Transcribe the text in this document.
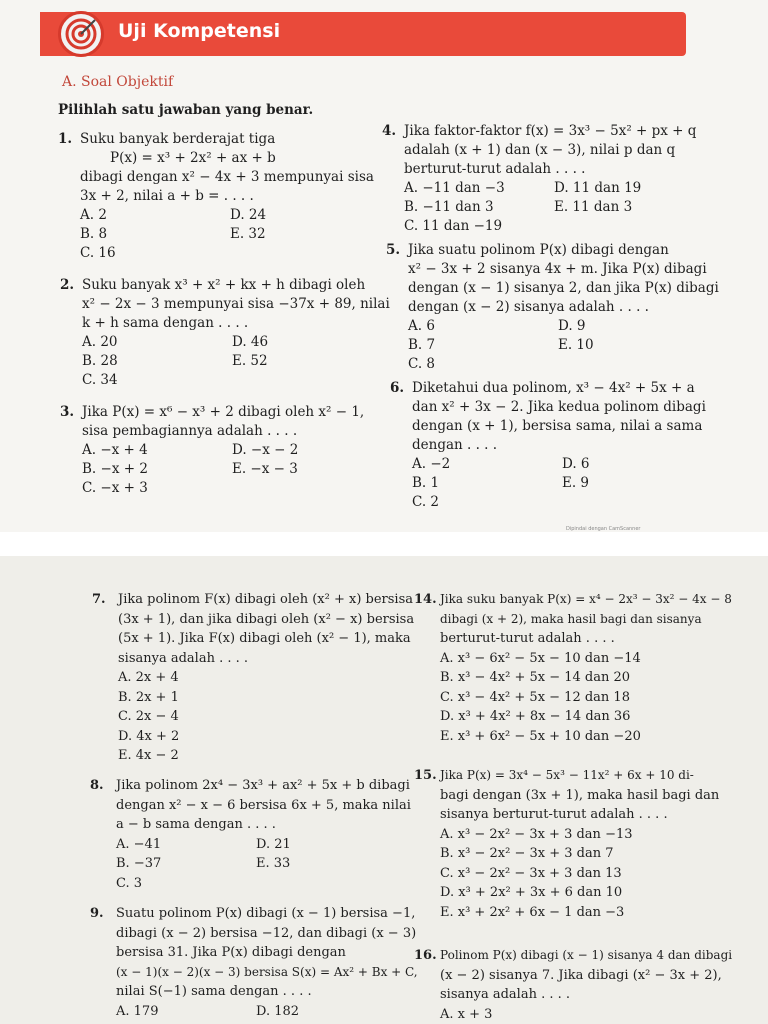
Uji Kompetensi
A. Soal Objektif
Pilihlah satu jawaban yang benar.
1. Suku banyak berderajat tiga
P(x) = x³ + 2x² + ax + b
dibagi dengan x² − 4x + 3 mempunyai sisa
3x + 2, nilai a + b = . . . .
A. 2	D. 24
B. 8	E. 32
C. 16
2. Suku banyak x³ + x² + kx + h dibagi oleh
x² − 2x − 3 mempunyai sisa −37x + 89, nilai
k + h sama dengan . . . .
A. 20	D. 46
B. 28	E. 52
C. 34
3. Jika P(x) = x⁶ − x³ + 2 dibagi oleh x² − 1,
sisa pembagiannya adalah . . . .
A. −x + 4	D. −x − 2
B. −x + 2	E. −x − 3
C. −x + 3
4. Jika faktor-faktor f(x) = 3x³ − 5x² + px + q
adalah (x + 1) dan (x − 3), nilai p dan q
berturut-turut adalah . . . .
A. −11 dan −3	D. 11 dan 19
B. −11 dan 3	E. 11 dan 3
C. 11 dan −19
5. Jika suatu polinom P(x) dibagi dengan
x² − 3x + 2 sisanya 4x + m. Jika P(x) dibagi
dengan (x − 1) sisanya 2, dan jika P(x) dibagi
dengan (x − 2) sisanya adalah . . . .
A. 6	D. 9
B. 7	E. 10
C. 8
6. Diketahui dua polinom, x³ − 4x² + 5x + a
dan x² + 3x − 2. Jika kedua polinom dibagi
dengan (x + 1), bersisa sama, nilai a sama
dengan . . . .
A. −2	D. 6
B. 1	E. 9
C. 2
Dipindai dengan CamScanner
7. Jika polinom F(x) dibagi oleh (x² + x) bersisa
(3x + 1), dan jika dibagi oleh (x² − x) bersisa
(5x + 1). Jika F(x) dibagi oleh (x² − 1), maka
sisanya adalah . . . .
A. 2x + 4
B. 2x + 1
C. 2x − 4
D. 4x + 2
E. 4x − 2
8. Jika polinom 2x⁴ − 3x³ + ax² + 5x + b dibagi
dengan x² − x − 6 bersisa 6x + 5, maka nilai
a − b sama dengan . . . .
A. −41	D. 21
B. −37	E. 33
C. 3
9. Suatu polinom P(x) dibagi (x − 1) bersisa −1,
dibagi (x − 2) bersisa −12, dan dibagi (x − 3)
bersisa 31. Jika P(x) dibagi dengan
(x − 1)(x − 2)(x − 3) bersisa S(x) = Ax² + Bx + C,
nilai S(−1) sama dengan . . . .
A. 179	D. 182
14. Jika suku banyak P(x) = x⁴ − 2x³ − 3x² − 4x − 8
dibagi (x + 2), maka hasil bagi dan sisanya
berturut-turut adalah . . . .
A. x³ − 6x² − 5x − 10 dan −14
B. x³ − 4x² + 5x − 14 dan 20
C. x³ − 4x² + 5x − 12 dan 18
D. x³ + 4x² + 8x − 14 dan 36
E. x³ + 6x² − 5x + 10 dan −20
15. Jika P(x) = 3x⁴ − 5x³ − 11x² + 6x + 10 di-
bagi dengan (3x + 1), maka hasil bagi dan
sisanya berturut-turut adalah . . . .
A. x³ − 2x² − 3x + 3 dan −13
B. x³ − 2x² − 3x + 3 dan 7
C. x³ − 2x² − 3x + 3 dan 13
D. x³ + 2x² + 3x + 6 dan 10
E. x³ + 2x² + 6x − 1 dan −3
16. Polinom P(x) dibagi (x − 1) sisanya 4 dan dibagi
(x − 2) sisanya 7. Jika dibagi (x² − 3x + 2),
sisanya adalah . . . .
A. x + 3
